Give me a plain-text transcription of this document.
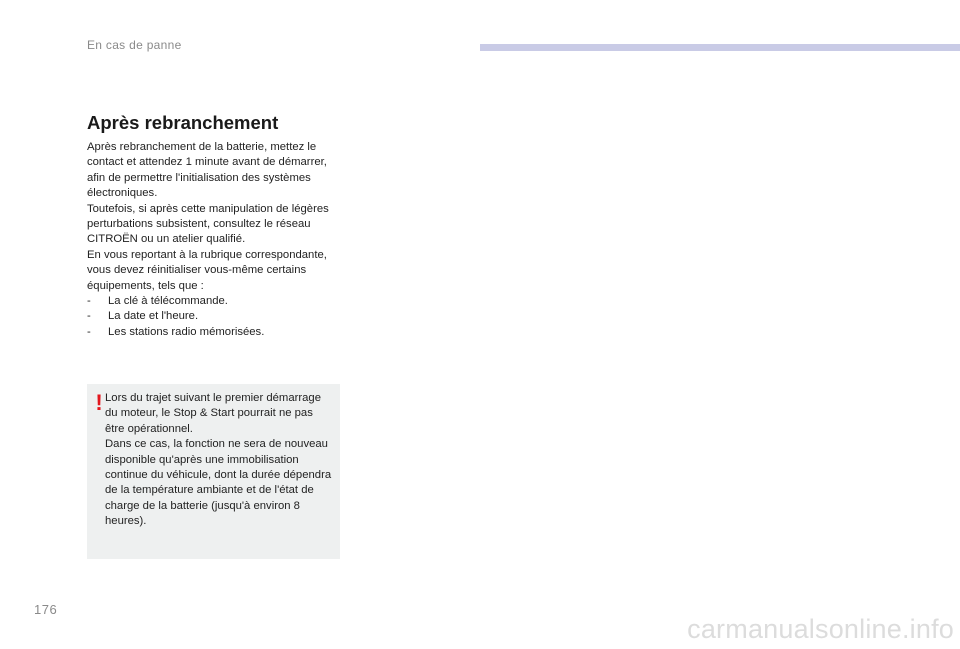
En cas de panne
Après rebranchement

Après rebranchement de la batterie, mettez le contact et attendez 1 minute avant de démarrer, afin de permettre l'initialisation des systèmes électroniques.

Toutefois, si après cette manipulation de légères perturbations subsistent, consultez le réseau CITROËN ou un atelier qualifié.

En vous reportant à la rubrique correspondante, vous devez réinitialiser vous-même certains équipements, tels que :

-	La clé à télécommande.
-	La date et l'heure.
-	Les stations radio mémorisées.
! Lors du trajet suivant le premier démarrage du moteur, le Stop & Start pourrait ne pas être opérationnel.
Dans ce cas, la fonction ne sera de nouveau disponible qu'après une immobilisation continue du véhicule, dont la durée dépendra de la température ambiante et de l'état de charge de la batterie (jusqu'à environ 8 heures).
176
carmanualsonline.info
